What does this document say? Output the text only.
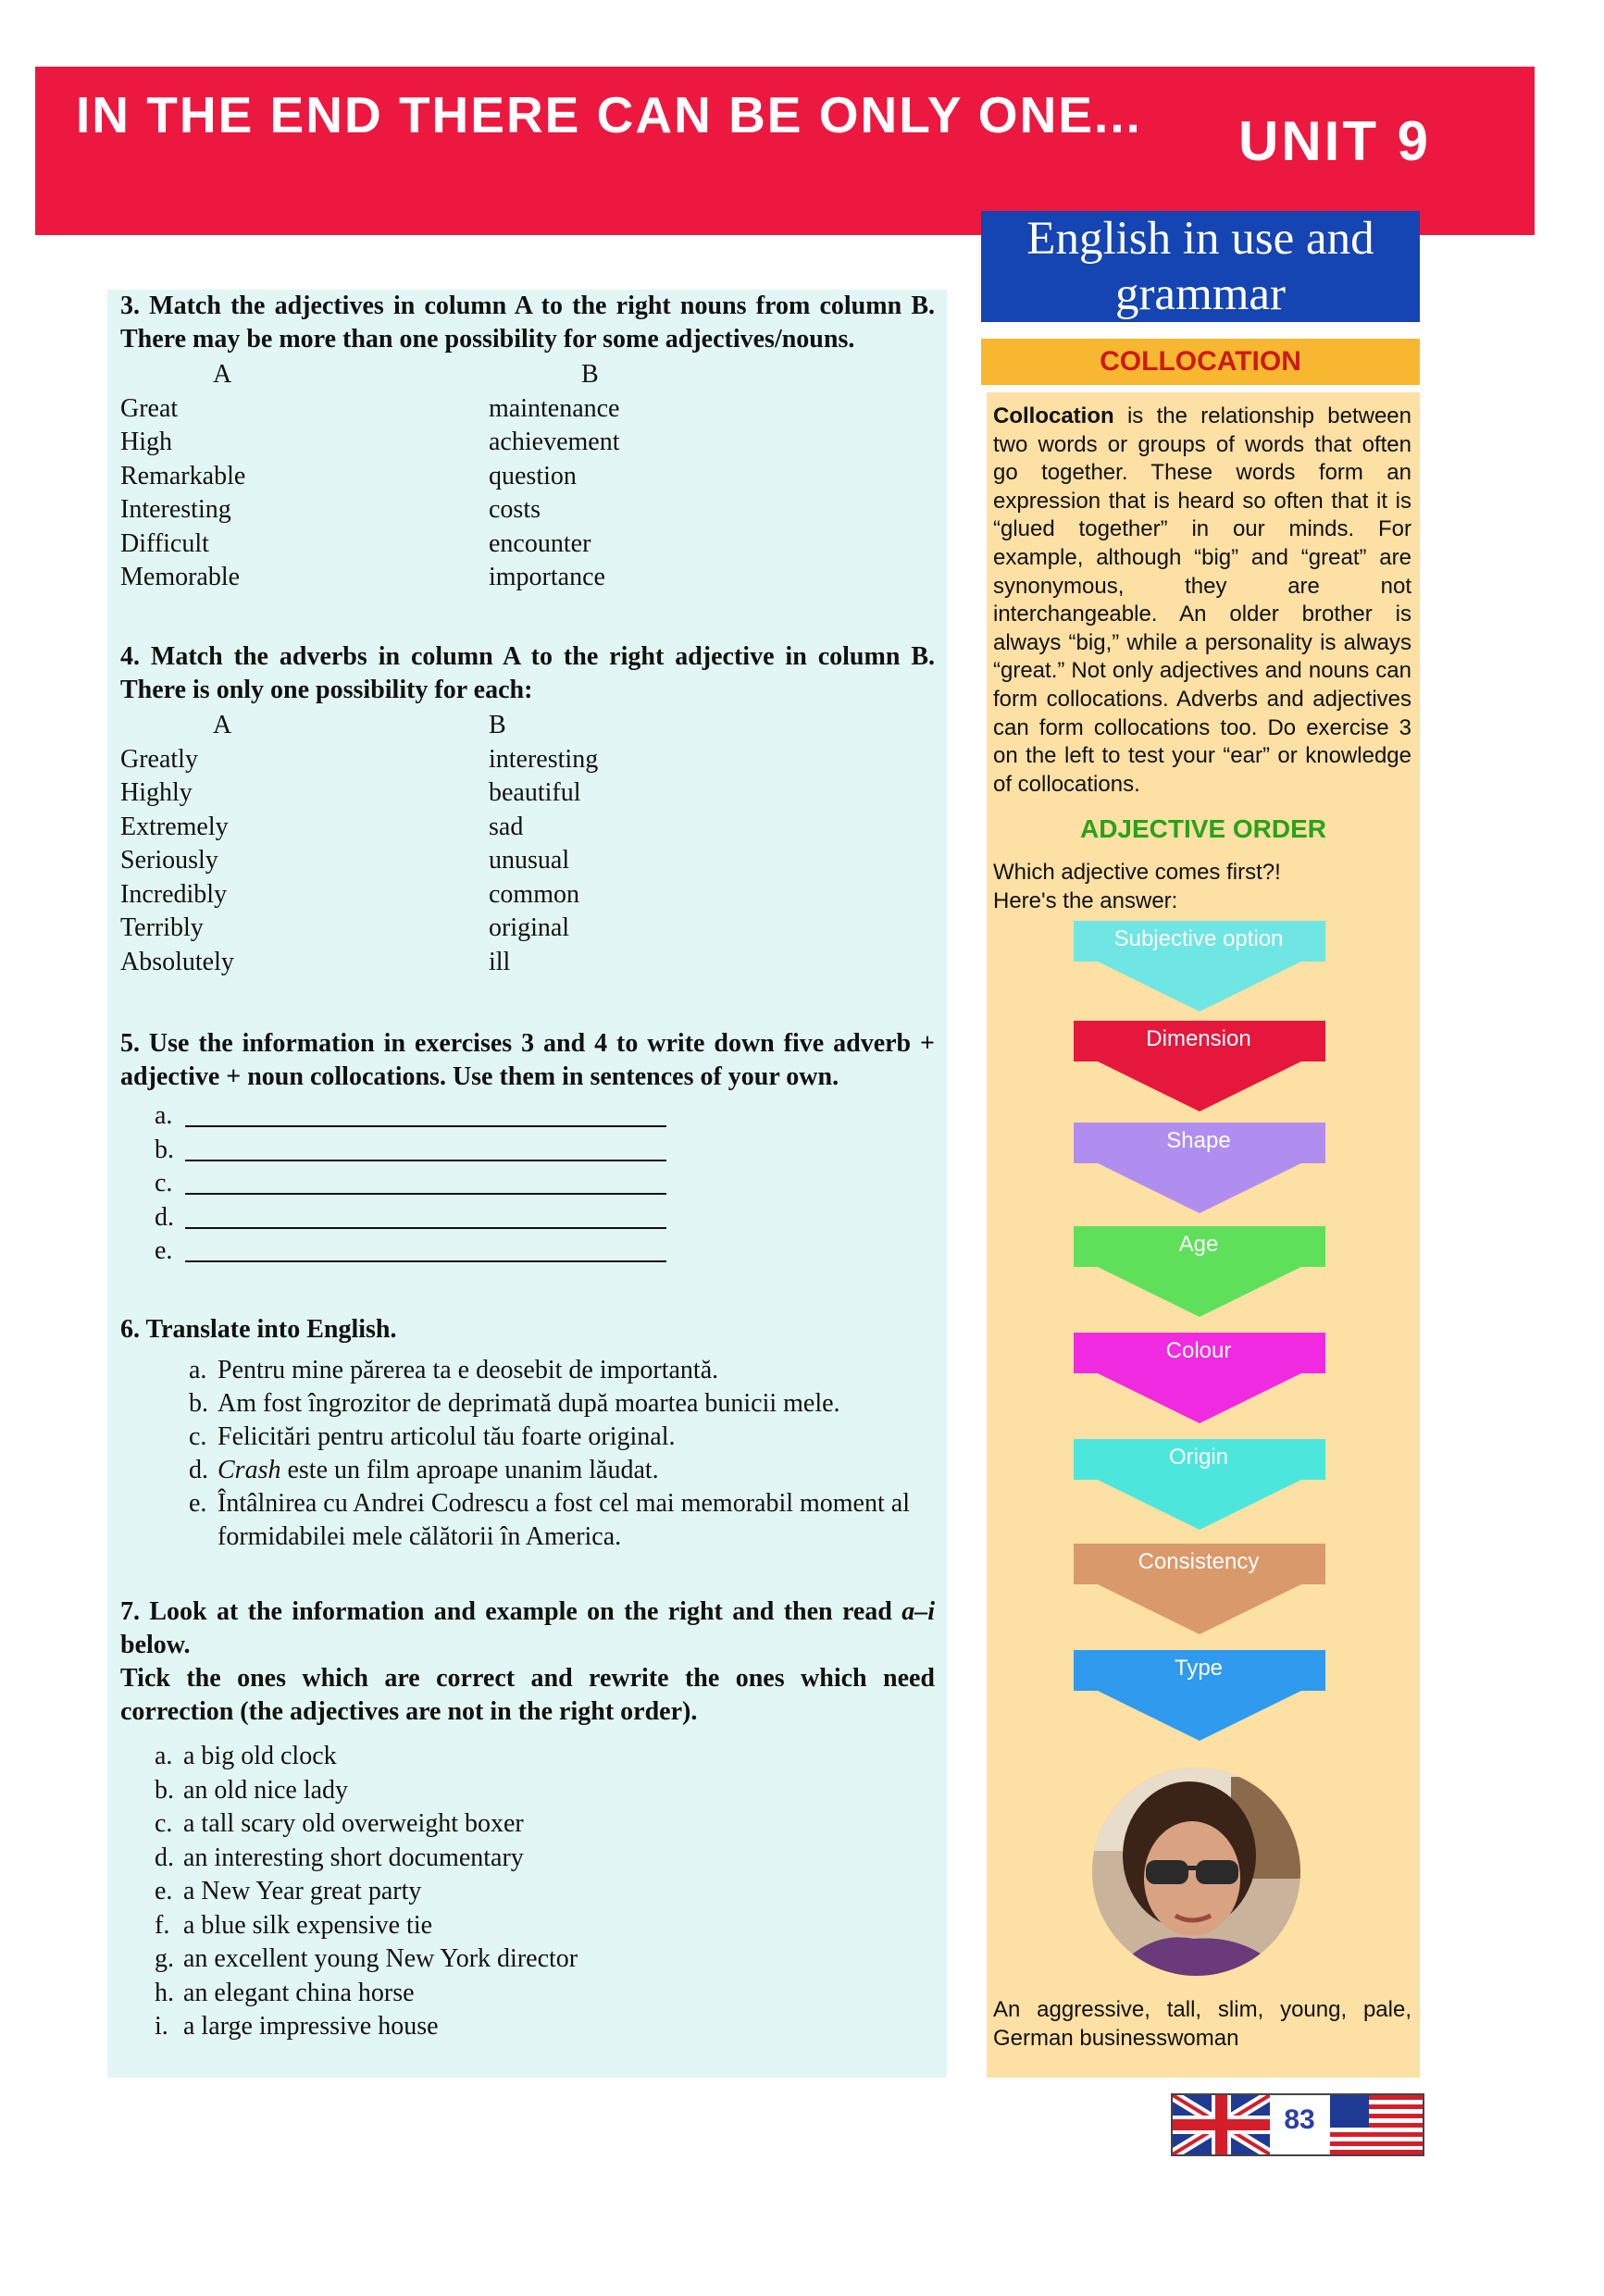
IN THE END THERE CAN BE ONLY ONE... UNIT 9
3. Match the adjectives in column A to the right nouns from column B. There may be more than one possibility for some adjectives/nouns.
A	B
Great	maintenance
High	achievement
Remarkable	question
Interesting	costs
Difficult	encounter
Memorable	importance
4. Match the adverbs in column A to the right adjective in column B. There is only one possibility for each:
A	B
Greatly	interesting
Highly	beautiful
Extremely	sad
Seriously	unusual
Incredibly	common
Terribly	original
Absolutely	ill
5. Use the information in exercises 3 and 4 to write down five adverb + adjective + noun collocations. Use them in sentences of your own.
a.
b.
c.
d.
e.
6. Translate into English.
a. Pentru mine părerea ta e deosebit de importantă.
b. Am fost îngrozitor de deprimată după moartea bunicii mele.
c. Felicitări pentru articolul tău foarte original.
d. Crash este un film aproape unanim lăudat.
e. Întâlnirea cu Andrei Codrescu a fost cel mai memorabil moment al formidabilei mele călătorii în America.
7. Look at the information and example on the right and then read a–i below.
Tick the ones which are correct and rewrite the ones which need correction (the adjectives are not in the right order).
a. a big old clock
b. an old nice lady
c. a tall scary old overweight boxer
d. an interesting short documentary
e. a New Year great party
f. a blue silk expensive tie
g. an excellent young New York director
h. an elegant china horse
i. a large impressive house
English in use and grammar
COLLOCATION
Collocation is the relationship between two words or groups of words that often go together. These words form an expression that is heard so often that it is “glued together” in our minds. For example, although “big” and “great” are synonymous, they are not interchangeable. An older brother is always “big,” while a personality is always “great.” Not only adjectives and nouns can form collocations. Adverbs and adjectives can form collocations too. Do exercise 3 on the left to test your “ear” or knowledge of collocations.
ADJECTIVE ORDER
Which adjective comes first?!
Here's the answer:
Subjective option
Dimension
Shape
Age
Colour
Origin
Consistency
Type
An aggressive, tall, slim, young, pale, German businesswoman
83
